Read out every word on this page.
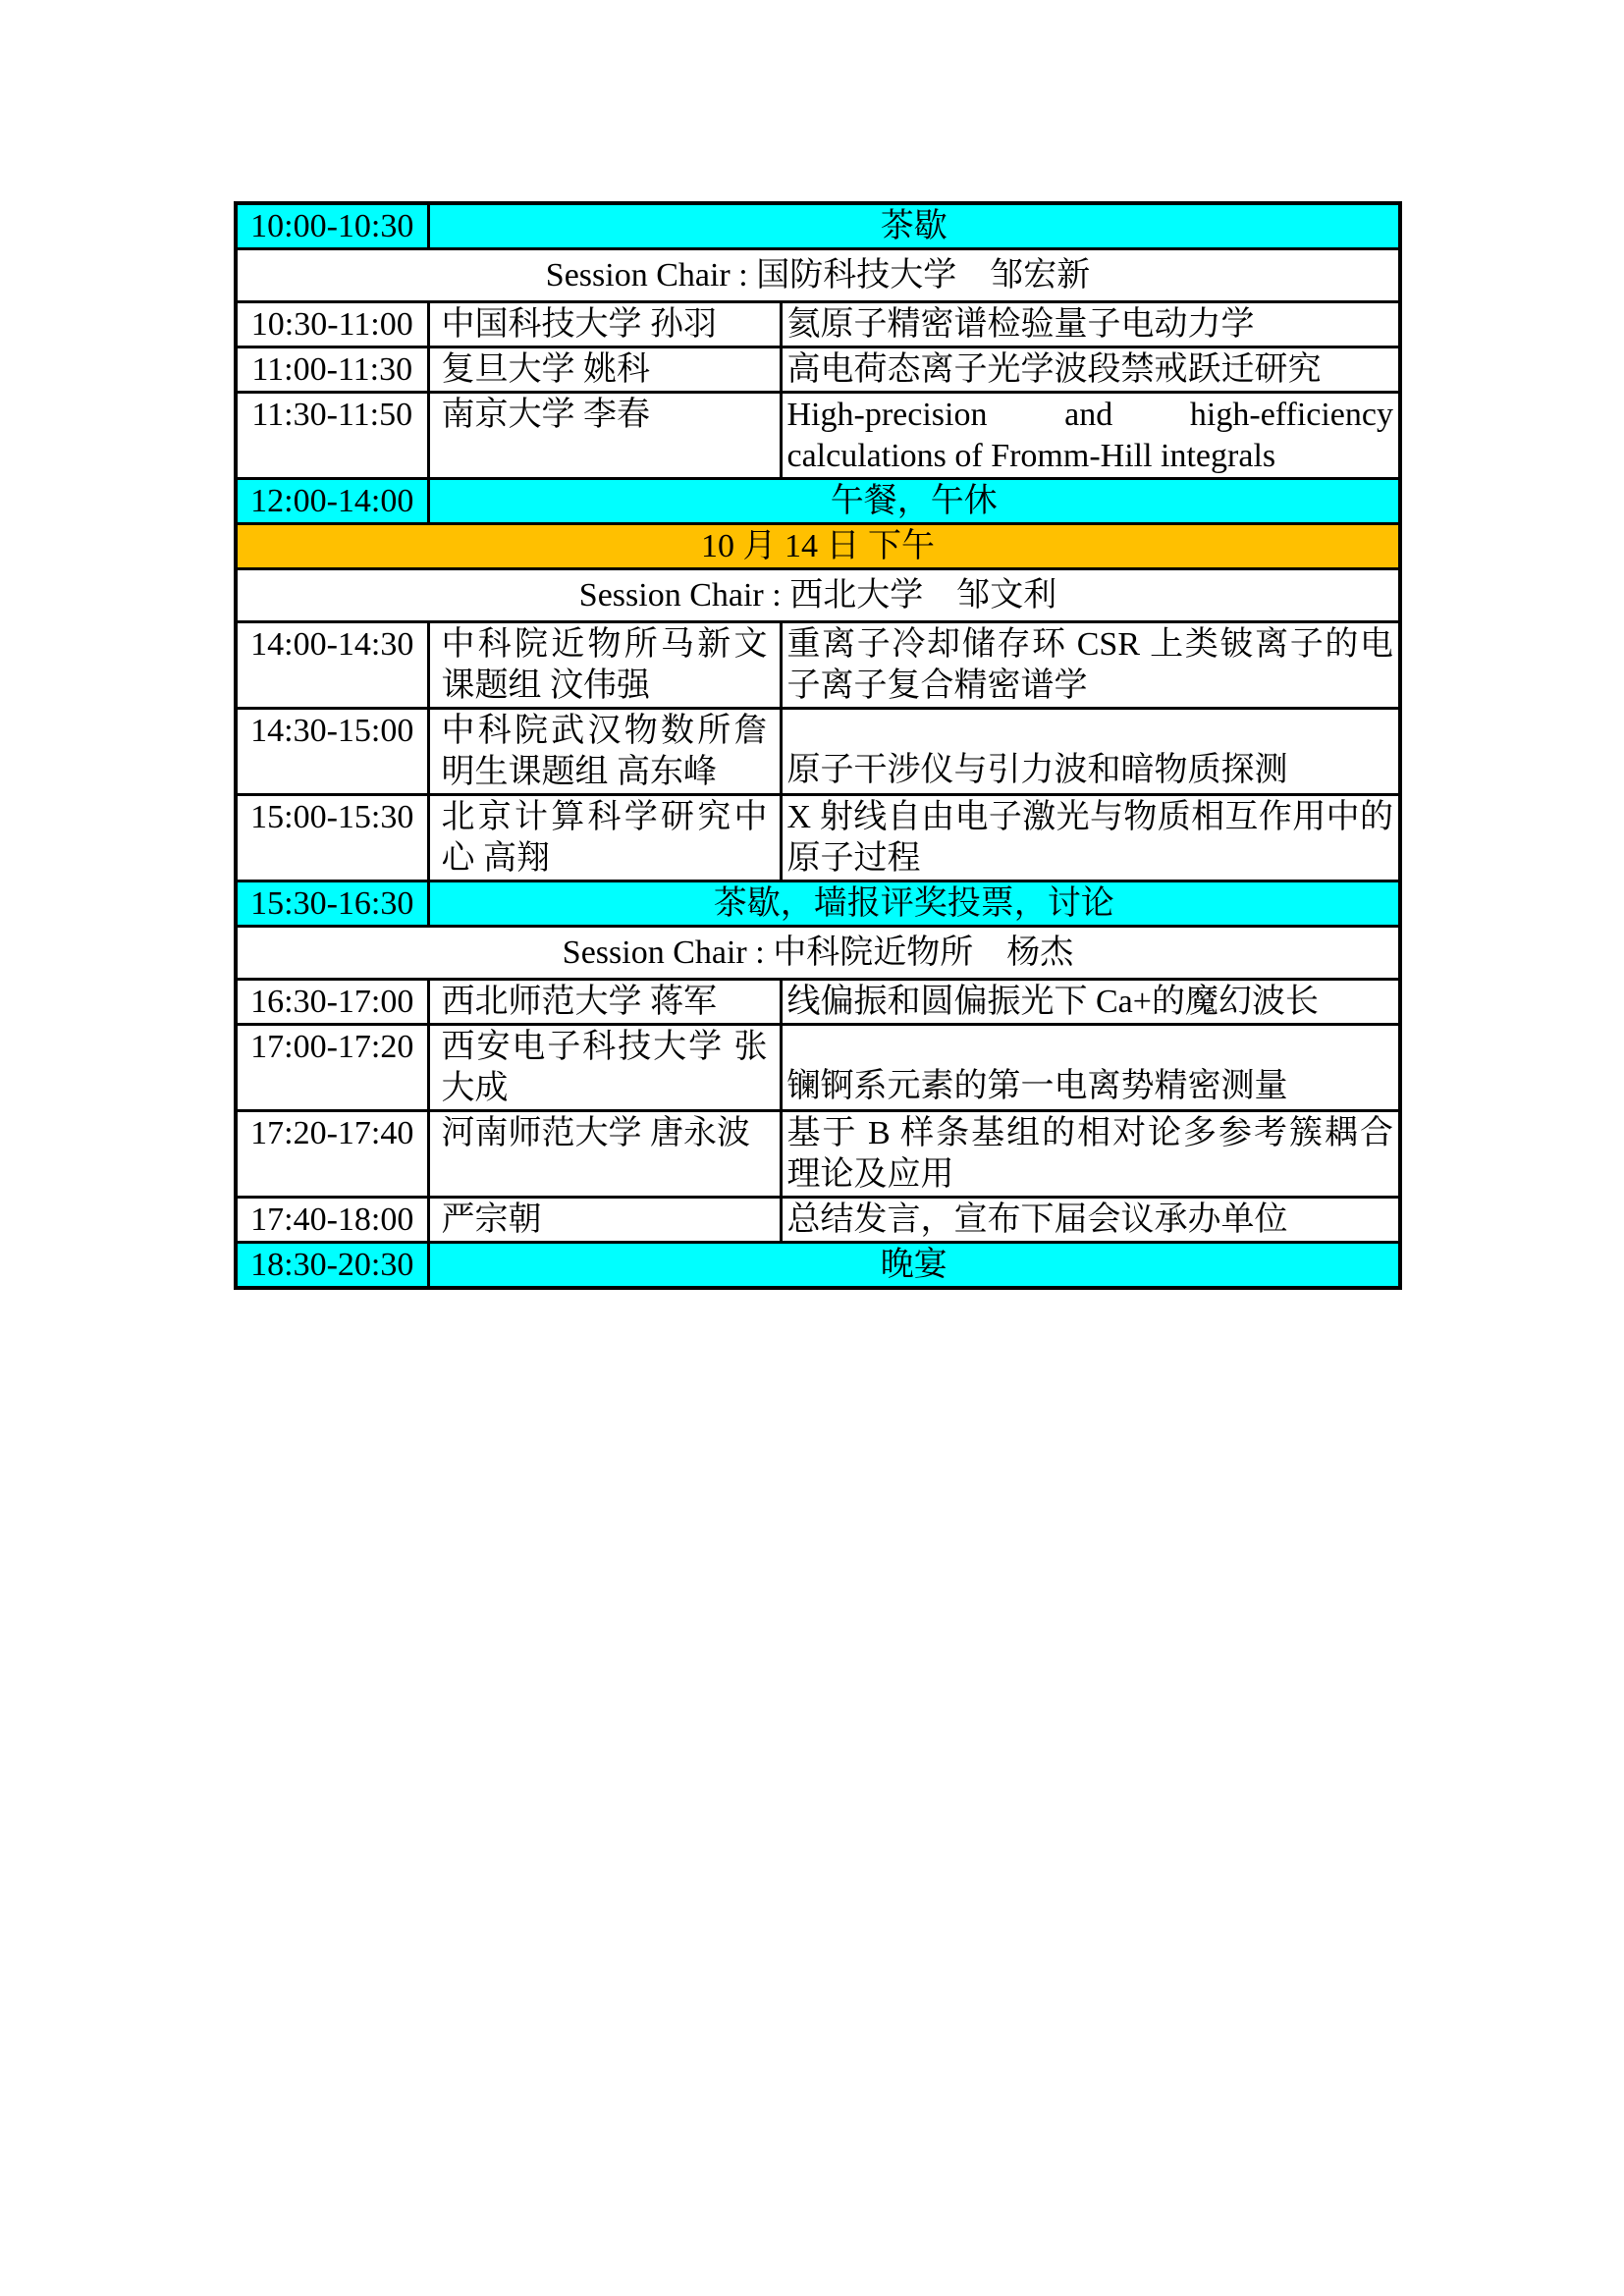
10:00-10:30	茶歇	
Session Chair : 国防科技大学　邹宏新		
10:30-11:00	中国科技大学 孙羽	氦原子精密谱检验量子电动力学
11:00-11:30	复旦大学 姚科	高电荷态离子光学波段禁戒跃迁研究
11:30-11:50	南京大学 李春	High-precision and high-efficiency calculations of Fromm-Hill integrals
12:00-14:00	午餐，午休	
10 月 14 日 下午		
Session Chair : 西北大学　邹文利		
14:00-14:30	中科院近物所马新文课题组 汶伟强	重离子冷却储存环 CSR 上类铍离子的电子离子复合精密谱学
14:30-15:00	中科院武汉物数所詹明生课题组 高东峰	原子干涉仪与引力波和暗物质探测
15:00-15:30	北京计算科学研究中心 高翔	X 射线自由电子激光与物质相互作用中的原子过程
15:30-16:30	茶歇，墙报评奖投票，讨论	
Session Chair : 中科院近物所　杨杰		
16:30-17:00	西北师范大学 蒋军	线偏振和圆偏振光下 Ca+的魔幻波长
17:00-17:20	西安电子科技大学 张大成	镧锕系元素的第一电离势精密测量
17:20-17:40	河南师范大学 唐永波	基于 B 样条基组的相对论多参考簇耦合理论及应用
17:40-18:00	严宗朝	总结发言，宣布下届会议承办单位
18:30-20:30	晚宴	
